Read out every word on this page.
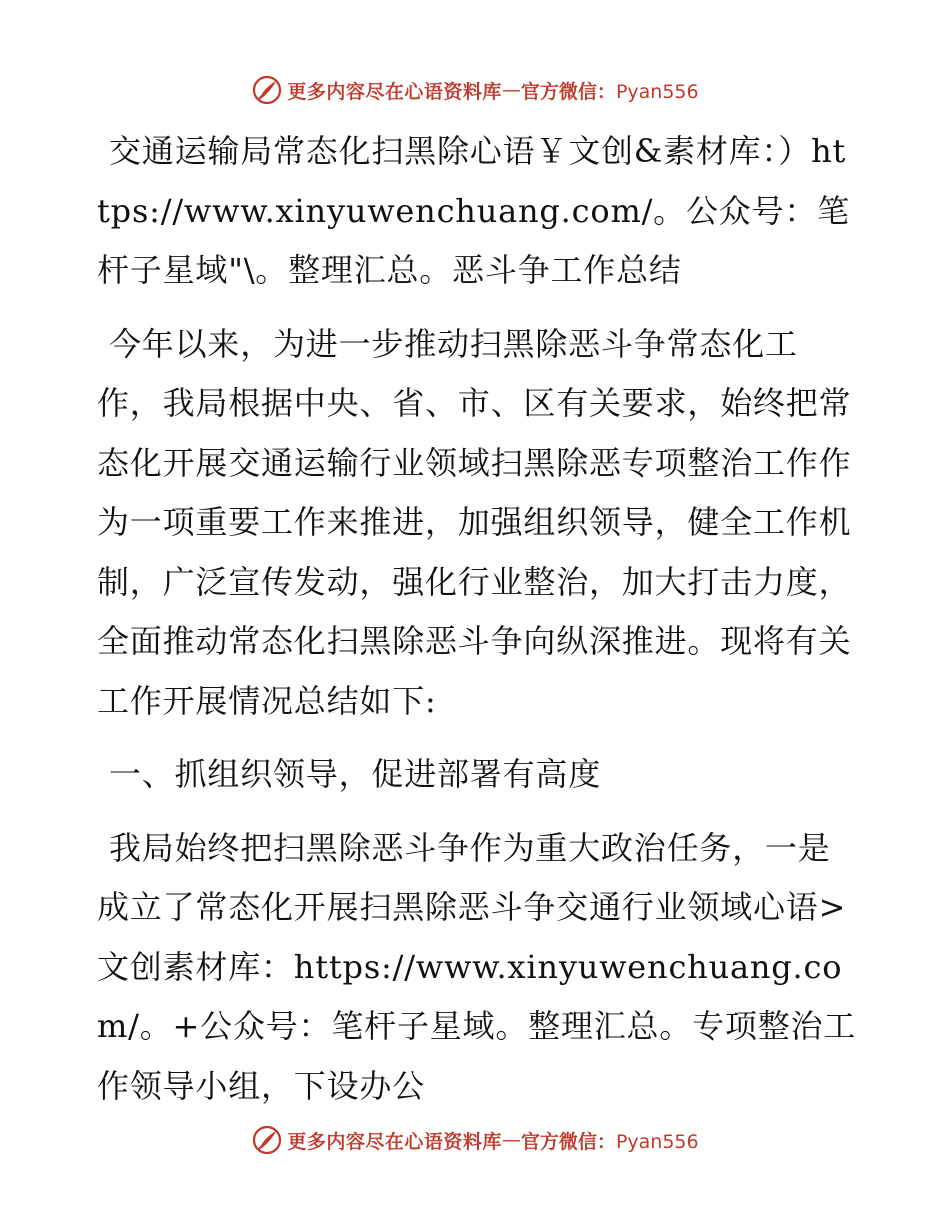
更多内容尽在心语资料库 — 官方微信：Pyan556

交通运输局常态化扫黑除心语￥文创&素材库：）https://www.xinyuwenchuang.com/。公众号：笔杆子星域"\。整理汇总。恶斗争工作总结

今年以来，为进一步推动扫黑除恶斗争常态化工作，我局根据中央、省、市、区有关要求，始终把常态化开展交通运输行业领域扫黑除恶专项整治工作作为一项重要工作来推进，加强组织领导，健全工作机制，广泛宣传发动，强化行业整治，加大打击力度，全面推动常态化扫黑除恶斗争向纵深推进。现将有关工作开展情况总结如下:

一、抓组织领导，促进部署有高度

我局始终把扫黑除恶斗争作为重大政治任务，一是成立了常态化开展扫黑除恶斗争交通行业领域心语>文创素材库：https://www.xinyuwenchuang.com/。+公众号：笔杆子星域。整理汇总。专项整治工作领导小组，下设办公

更多内容尽在心语资料库 — 官方微信：Pyan556
